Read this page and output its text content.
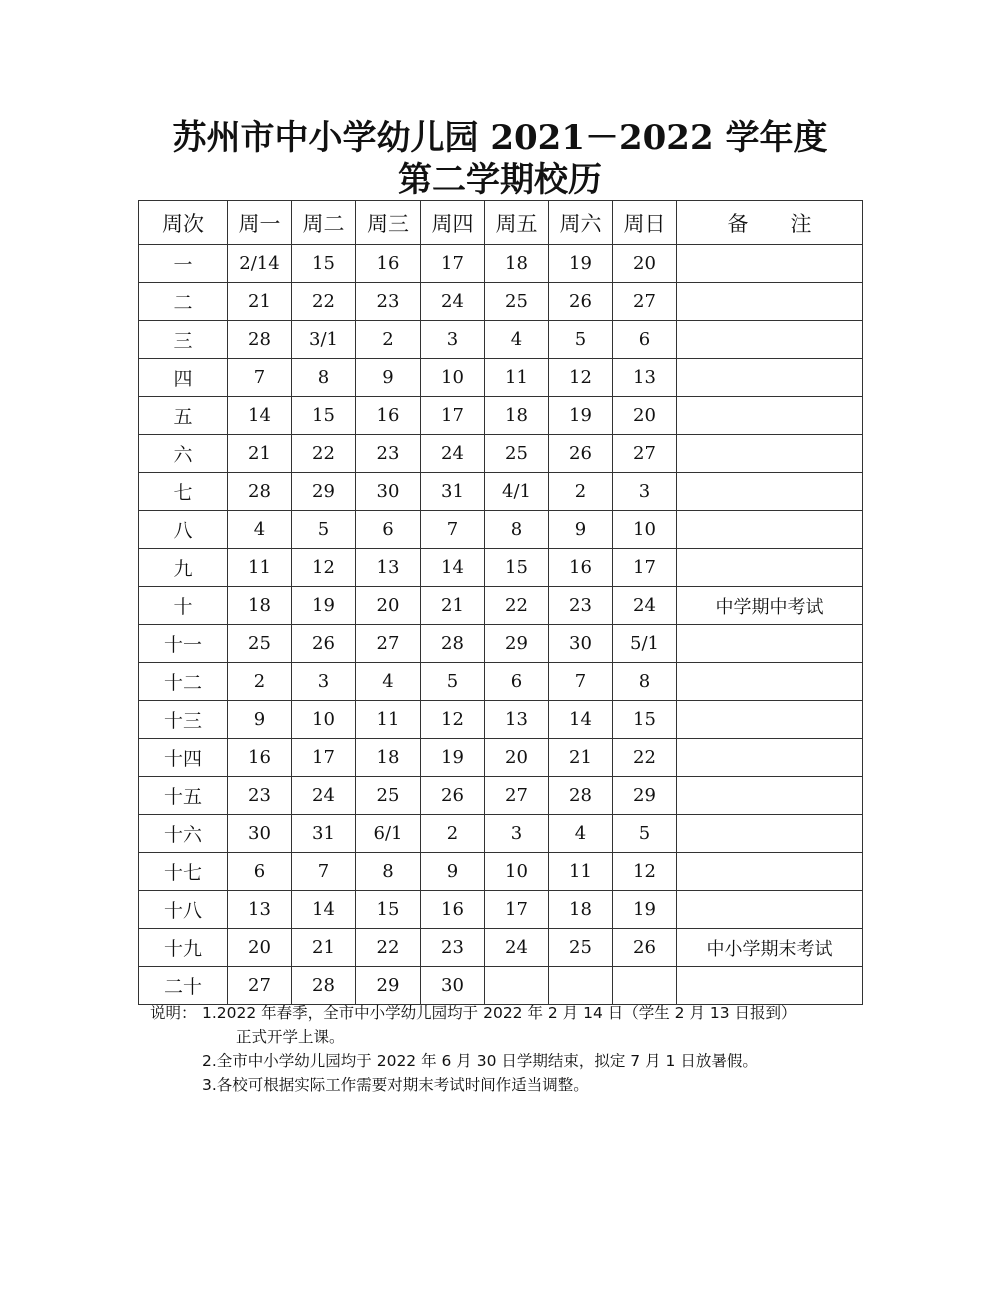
苏州市中小学幼儿园 2021－2022 学年度
第二学期校历
周次	周一	周二	周三	周四	周五	周六	周日	备　　注
一	2/14	15	16	17	18	19	20	
二	21	22	23	24	25	26	27	
三	28	3/1	2	3	4	5	6	
四	7	8	9	10	11	12	13	
五	14	15	16	17	18	19	20	
六	21	22	23	24	25	26	27	
七	28	29	30	31	4/1	2	3	
八	4	5	6	7	8	9	10	
九	11	12	13	14	15	16	17	
十	18	19	20	21	22	23	24	中学期中考试
十一	25	26	27	28	29	30	5/1	
十二	2	3	4	5	6	7	8	
十三	9	10	11	12	13	14	15	
十四	16	17	18	19	20	21	22	
十五	23	24	25	26	27	28	29	
十六	30	31	6/1	2	3	4	5	
十七	6	7	8	9	10	11	12	
十八	13	14	15	16	17	18	19	
十九	20	21	22	23	24	25	26	中小学期末考试
二十	27	28	29	30				
说明： 1.2022 年春季，全市中小学幼儿园均于 2022 年 2 月 14 日（学生 2 月 13 日报到）
正式开学上课。
2.全市中小学幼儿园均于 2022 年 6 月 30 日学期结束，拟定 7 月 1 日放暑假。
3.各校可根据实际工作需要对期末考试时间作适当调整。
